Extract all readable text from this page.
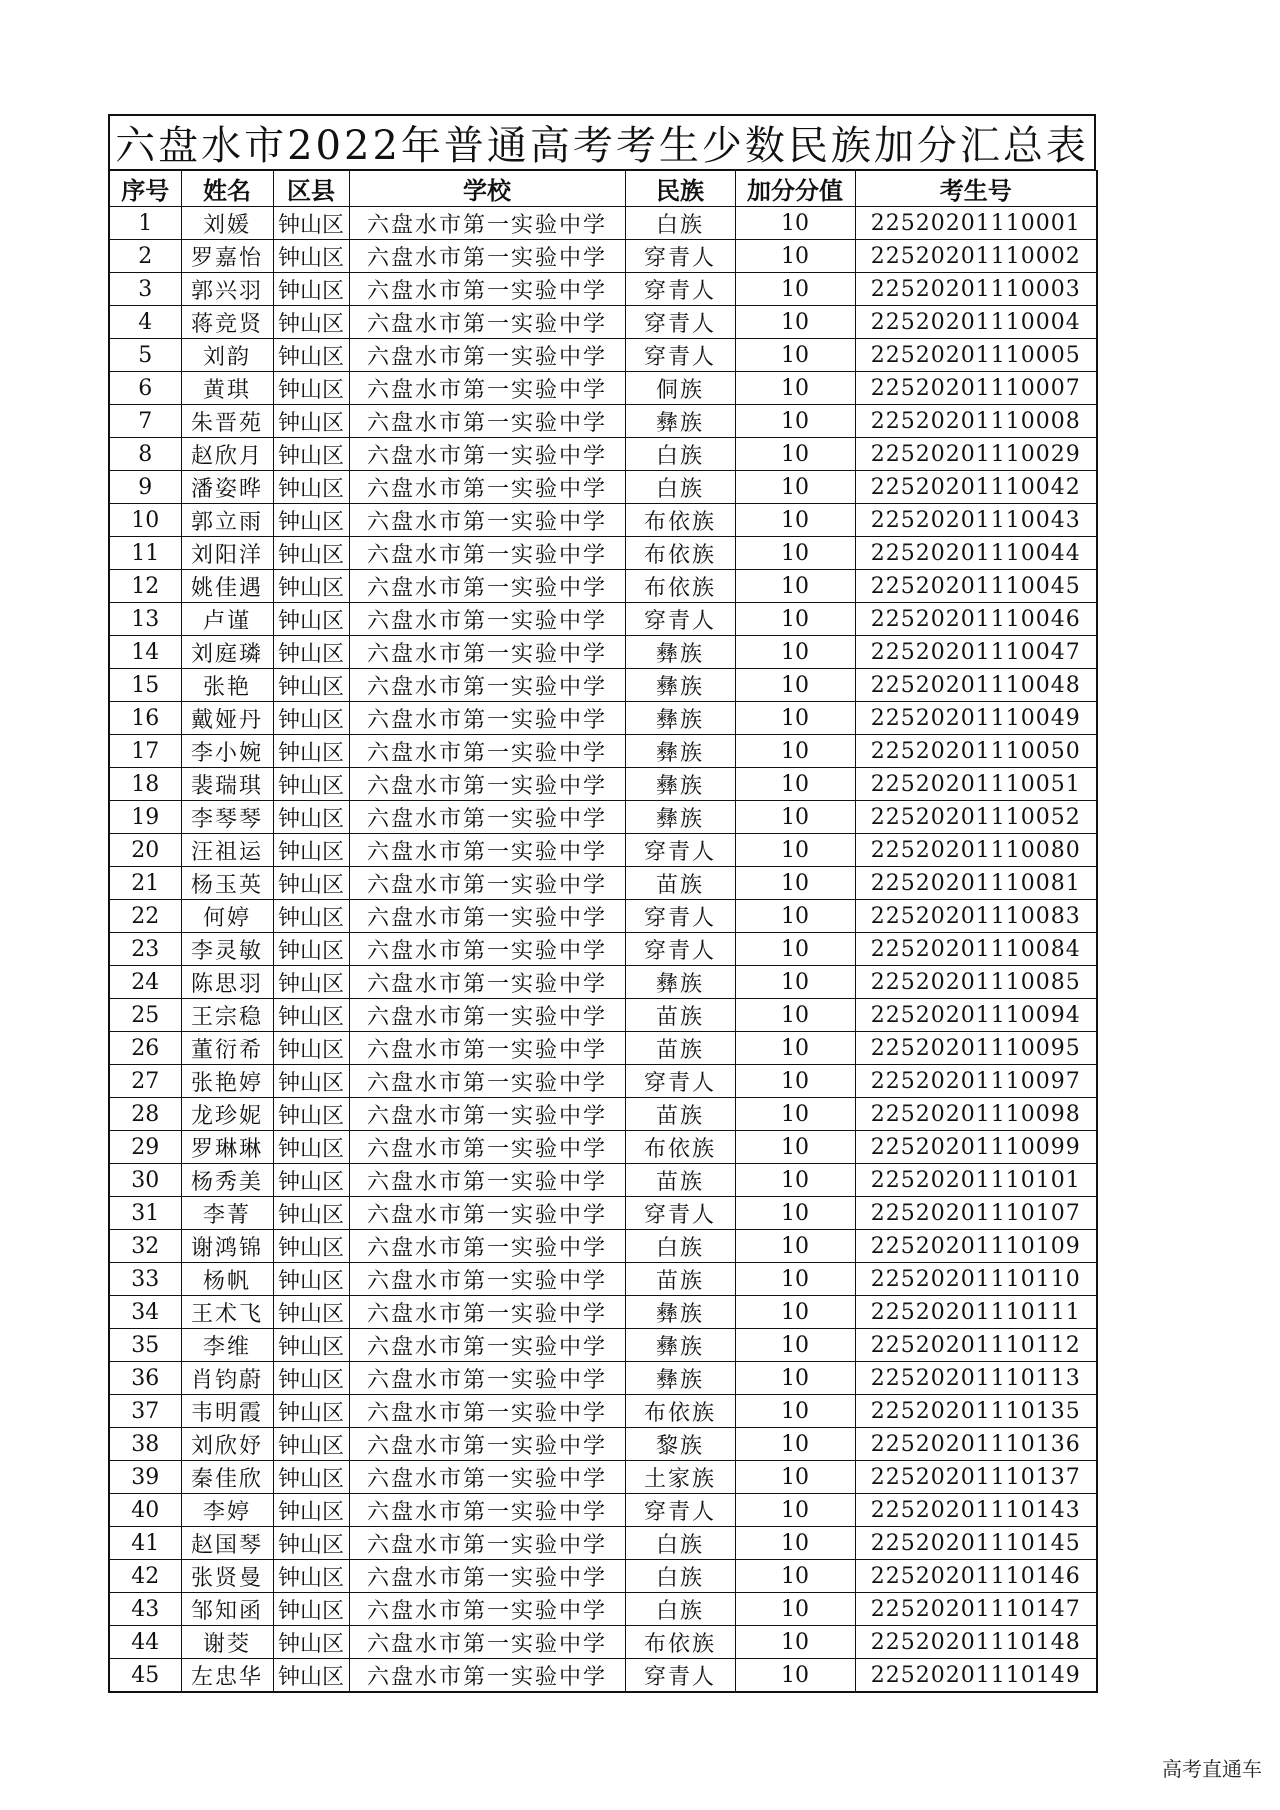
六盘水市2022年普通高考考生少数民族加分汇总表
序号	姓名	区县	学校	民族	加分分值	考生号
1	刘媛	钟山区	六盘水市第一实验中学	白族	10	22520201110001
2	罗嘉怡	钟山区	六盘水市第一实验中学	穿青人	10	22520201110002
3	郭兴羽	钟山区	六盘水市第一实验中学	穿青人	10	22520201110003
4	蒋竞贤	钟山区	六盘水市第一实验中学	穿青人	10	22520201110004
5	刘韵	钟山区	六盘水市第一实验中学	穿青人	10	22520201110005
6	黄琪	钟山区	六盘水市第一实验中学	侗族	10	22520201110007
7	朱晋苑	钟山区	六盘水市第一实验中学	彝族	10	22520201110008
8	赵欣月	钟山区	六盘水市第一实验中学	白族	10	22520201110029
9	潘姿晔	钟山区	六盘水市第一实验中学	白族	10	22520201110042
10	郭立雨	钟山区	六盘水市第一实验中学	布依族	10	22520201110043
11	刘阳洋	钟山区	六盘水市第一实验中学	布依族	10	22520201110044
12	姚佳遇	钟山区	六盘水市第一实验中学	布依族	10	22520201110045
13	卢谨	钟山区	六盘水市第一实验中学	穿青人	10	22520201110046
14	刘庭璘	钟山区	六盘水市第一实验中学	彝族	10	22520201110047
15	张艳	钟山区	六盘水市第一实验中学	彝族	10	22520201110048
16	戴娅丹	钟山区	六盘水市第一实验中学	彝族	10	22520201110049
17	李小婉	钟山区	六盘水市第一实验中学	彝族	10	22520201110050
18	裴瑞琪	钟山区	六盘水市第一实验中学	彝族	10	22520201110051
19	李琴琴	钟山区	六盘水市第一实验中学	彝族	10	22520201110052
20	汪祖运	钟山区	六盘水市第一实验中学	穿青人	10	22520201110080
21	杨玉英	钟山区	六盘水市第一实验中学	苗族	10	22520201110081
22	何婷	钟山区	六盘水市第一实验中学	穿青人	10	22520201110083
23	李灵敏	钟山区	六盘水市第一实验中学	穿青人	10	22520201110084
24	陈思羽	钟山区	六盘水市第一实验中学	彝族	10	22520201110085
25	王宗稳	钟山区	六盘水市第一实验中学	苗族	10	22520201110094
26	董衍希	钟山区	六盘水市第一实验中学	苗族	10	22520201110095
27	张艳婷	钟山区	六盘水市第一实验中学	穿青人	10	22520201110097
28	龙珍妮	钟山区	六盘水市第一实验中学	苗族	10	22520201110098
29	罗琳琳	钟山区	六盘水市第一实验中学	布依族	10	22520201110099
30	杨秀美	钟山区	六盘水市第一实验中学	苗族	10	22520201110101
31	李菁	钟山区	六盘水市第一实验中学	穿青人	10	22520201110107
32	谢鸿锦	钟山区	六盘水市第一实验中学	白族	10	22520201110109
33	杨帆	钟山区	六盘水市第一实验中学	苗族	10	22520201110110
34	王术飞	钟山区	六盘水市第一实验中学	彝族	10	22520201110111
35	李维	钟山区	六盘水市第一实验中学	彝族	10	22520201110112
36	肖钧蔚	钟山区	六盘水市第一实验中学	彝族	10	22520201110113
37	韦明霞	钟山区	六盘水市第一实验中学	布依族	10	22520201110135
38	刘欣妤	钟山区	六盘水市第一实验中学	黎族	10	22520201110136
39	秦佳欣	钟山区	六盘水市第一实验中学	土家族	10	22520201110137
40	李婷	钟山区	六盘水市第一实验中学	穿青人	10	22520201110143
41	赵国琴	钟山区	六盘水市第一实验中学	白族	10	22520201110145
42	张贤曼	钟山区	六盘水市第一实验中学	白族	10	22520201110146
43	邹知函	钟山区	六盘水市第一实验中学	白族	10	22520201110147
44	谢茭	钟山区	六盘水市第一实验中学	布依族	10	22520201110148
45	左忠华	钟山区	六盘水市第一实验中学	穿青人	10	22520201110149
高考直通车
